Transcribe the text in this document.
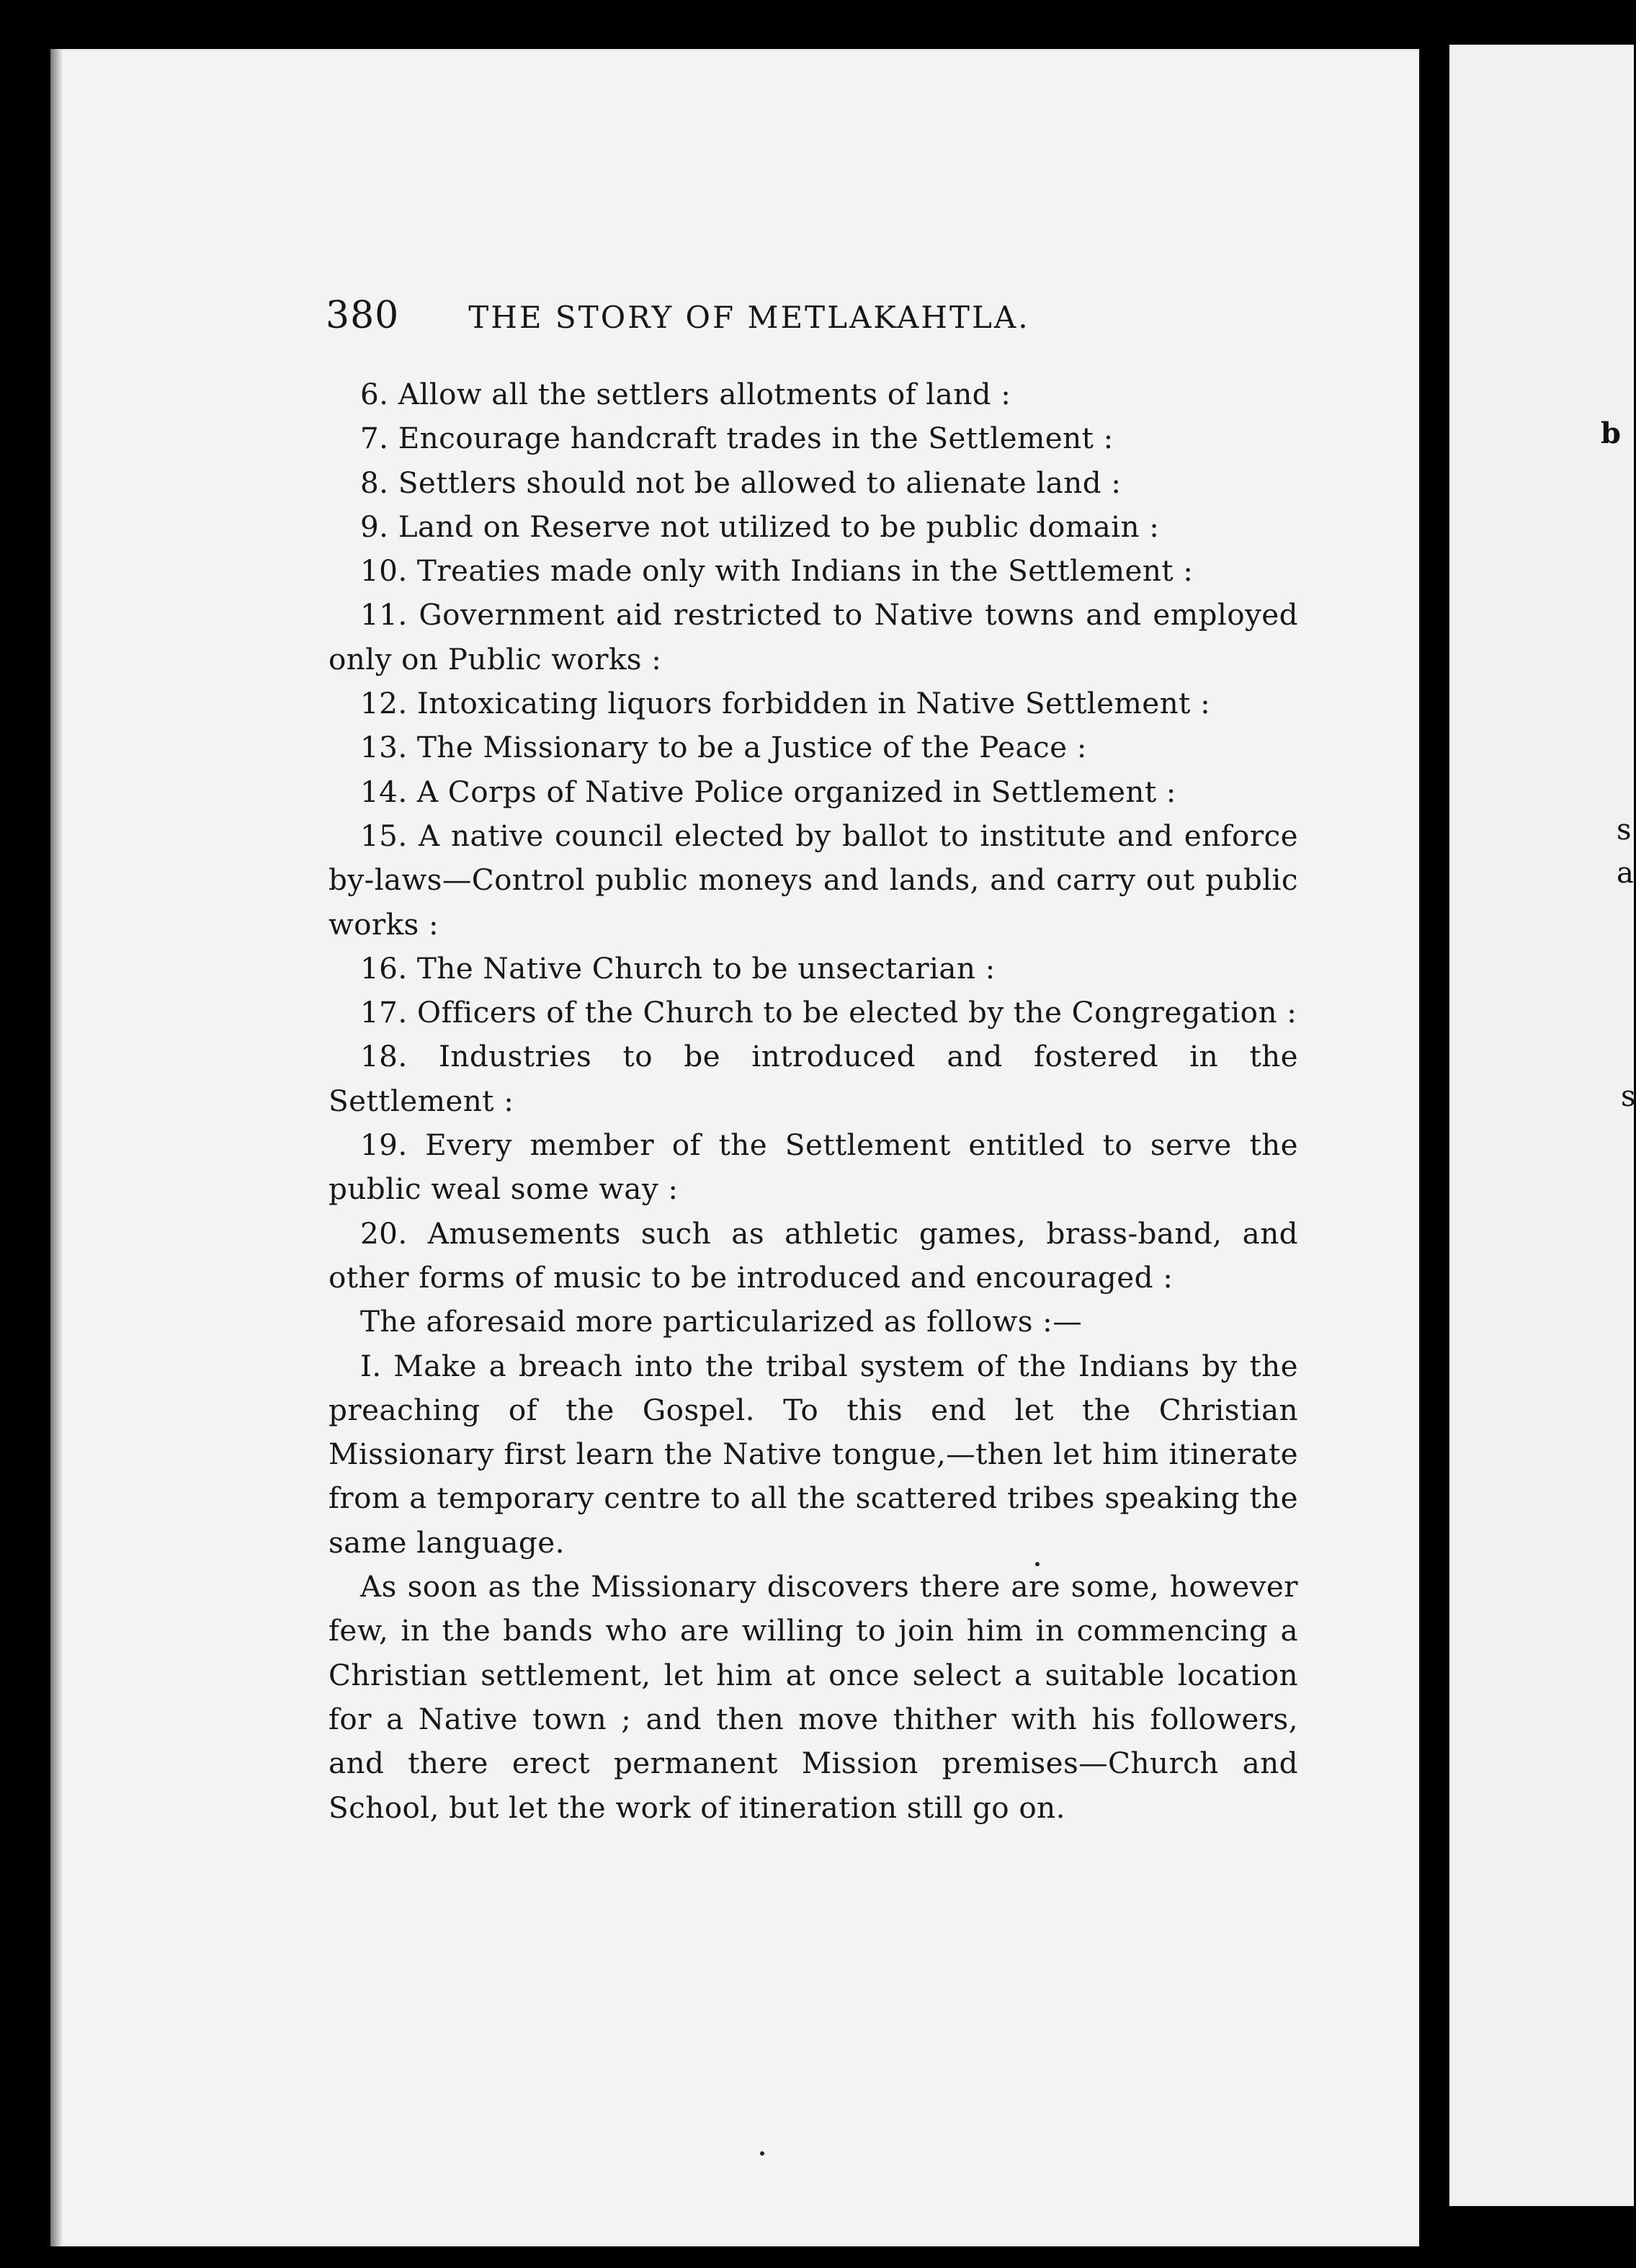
380 THE STORY OF METLAKAHTLA.

6. Allow all the settlers allotments of land :

7. Encourage handcraft trades in the Settlement :

8. Settlers should not be allowed to alienate land :

9. Land on Reserve not utilized to be public domain :

10. Treaties made only with Indians in the Settlement :

11. Government aid restricted to Native towns and employed only on Public works :

12. Intoxicating liquors forbidden in Native Settlement :

13. The Missionary to be a Justice of the Peace :

14. A Corps of Native Police organized in Settlement :

15. A native council elected by ballot to institute and enforce by-laws—Control public moneys and lands, and carry out public works :

16. The Native Church to be unsectarian :

17. Officers of the Church to be elected by the Congregation :

18. Industries to be introduced and fostered in the Settlement :

19. Every member of the Settlement entitled to serve the public weal some way :

20. Amusements such as athletic games, brass-band, and other forms of music to be introduced and encouraged :

The aforesaid more particularized as follows :—

I. Make a breach into the tribal system of the Indians by the preaching of the Gospel. To this end let the Christian Missionary first learn the Native tongue,—then let him itinerate from a temporary centre to all the scattered tribes speaking the same language.

As soon as the Missionary discovers there are some, however few, in the bands who are willing to join him in commencing a Christian settlement, let him at once select a suitable location for a Native town ; and then move thither with his followers, and there erect permanent Mission premises—Church and School, but let the work of itineration still go on.

b
s
a
s
